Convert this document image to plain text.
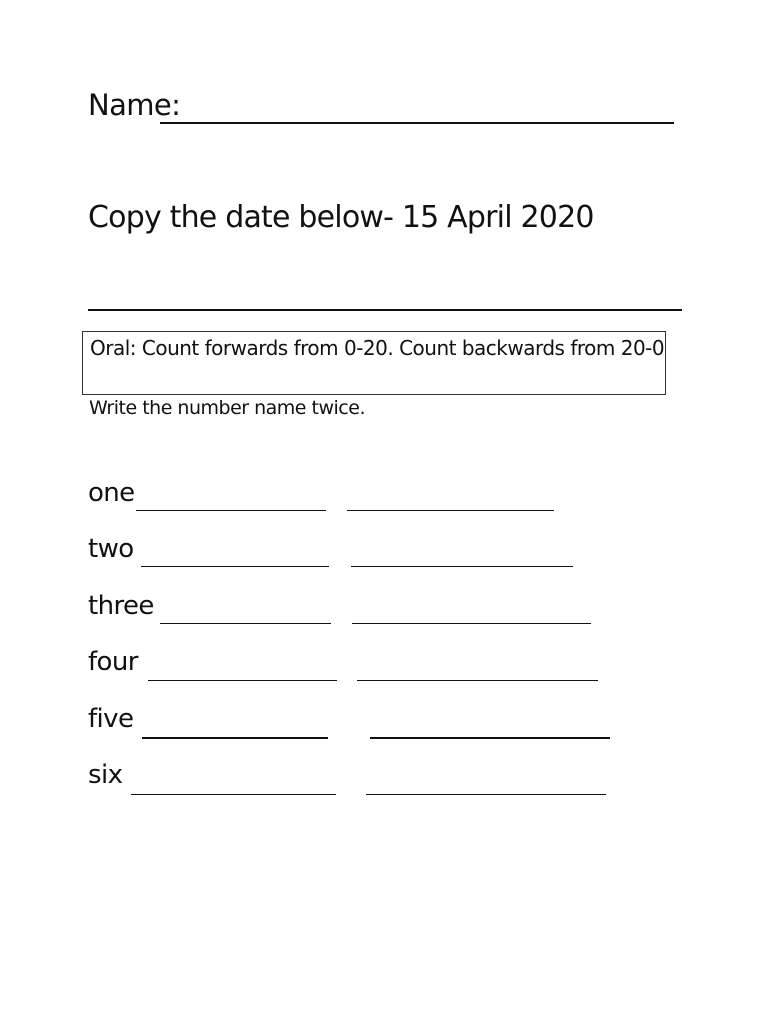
Name:
Copy the date below- 15 April 2020
Oral: Count forwards from 0-20. Count backwards from 20-0
Write the number name twice.
one
two
three
four
five
six
